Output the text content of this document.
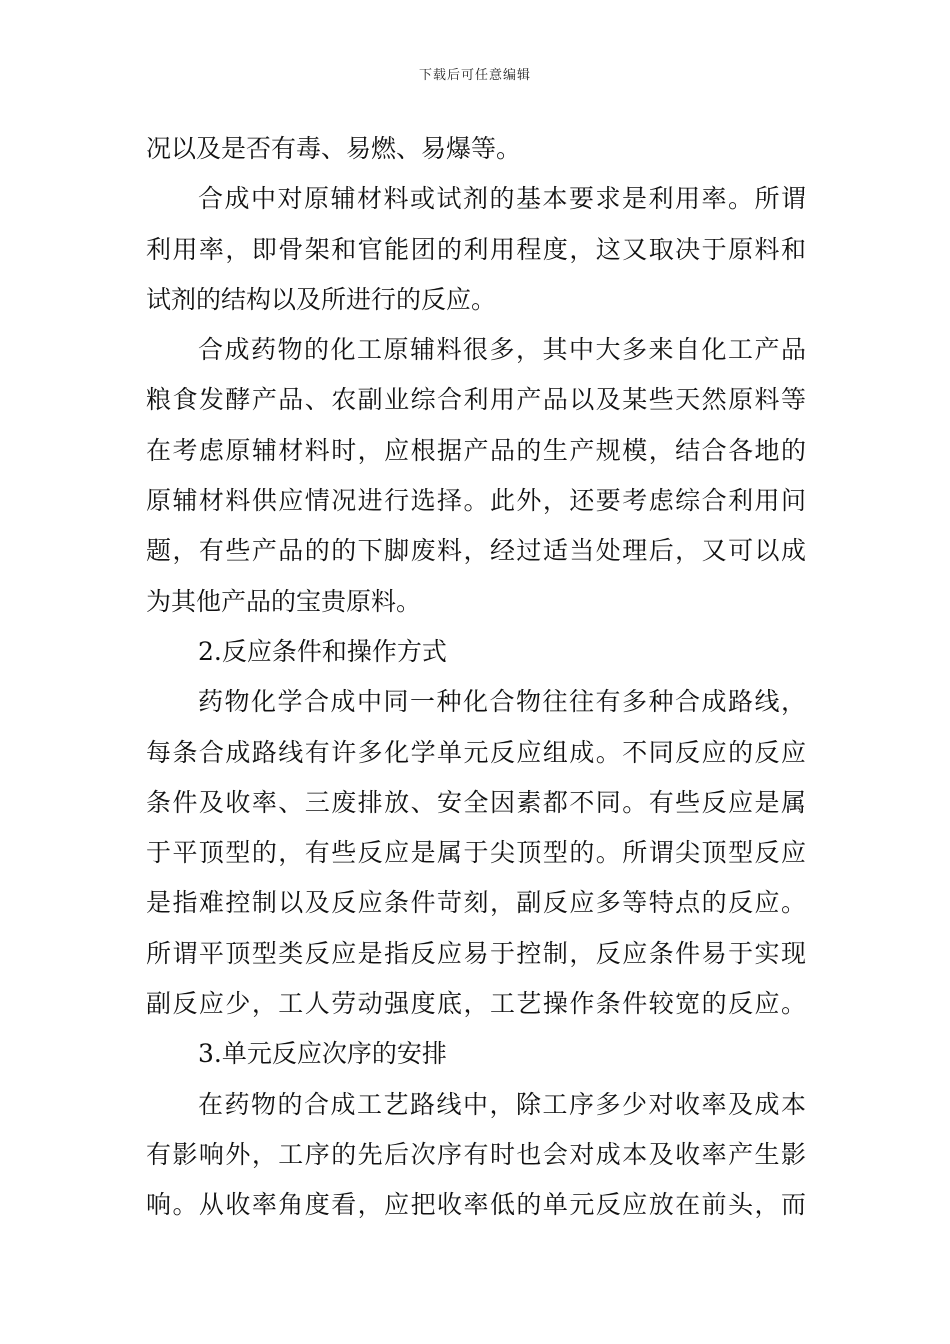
下载后可任意编辑
况以及是否有毒、易燃、易爆等。
合成中对原辅材料或试剂的基本要求是利用率。所谓
利用率，即骨架和官能团的利用程度，这又取决于原料和
试剂的结构以及所进行的反应。
合成药物的化工原辅料很多，其中大多来自化工产品
粮食发酵产品、农副业综合利用产品以及某些天然原料等
在考虑原辅材料时，应根据产品的生产规模，结合各地的
原辅材料供应情况进行选择。此外，还要考虑综合利用问
题，有些产品的的下脚废料，经过适当处理后，又可以成
为其他产品的宝贵原料。
2.反应条件和操作方式
药物化学合成中同一种化合物往往有多种合成路线，
每条合成路线有许多化学单元反应组成。不同反应的反应
条件及收率、三废排放、安全因素都不同。有些反应是属
于平顶型的，有些反应是属于尖顶型的。所谓尖顶型反应
是指难控制以及反应条件苛刻，副反应多等特点的反应。
所谓平顶型类反应是指反应易于控制，反应条件易于实现
副反应少，工人劳动强度底，工艺操作条件较宽的反应。
3.单元反应次序的安排
在药物的合成工艺路线中，除工序多少对收率及成本
有影响外，工序的先后次序有时也会对成本及收率产生影
响。从收率角度看，应把收率低的单元反应放在前头，而
